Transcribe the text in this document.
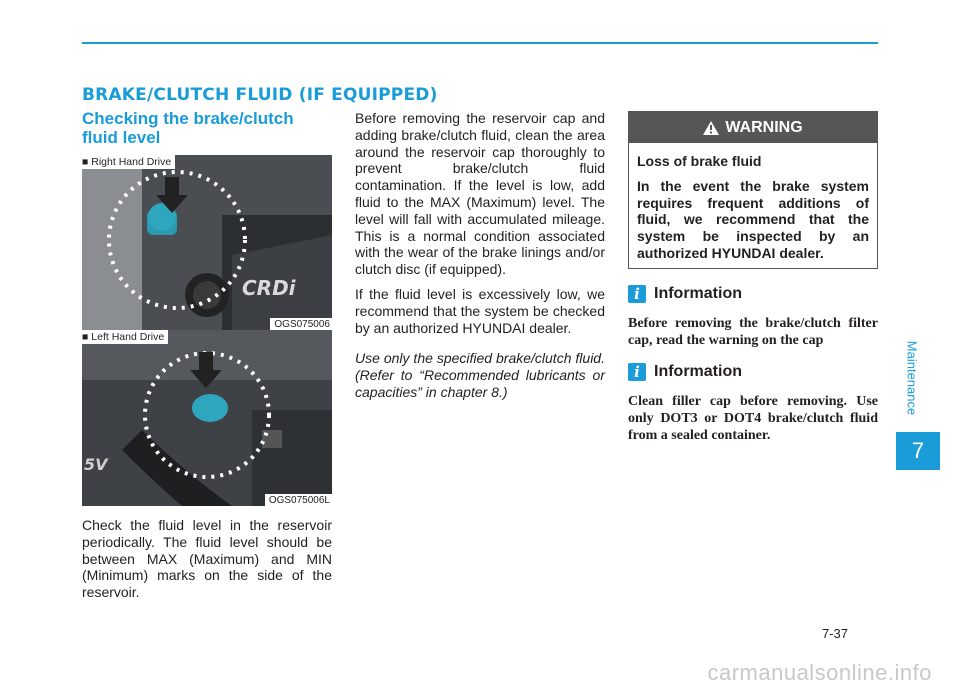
BRAKE/CLUTCH FLUID (IF EQUIPPED)
Checking the brake/clutch fluid level
CRDi
■ Right Hand Drive
OGS075006
5V
■ Left Hand Drive
OGS075006L
Check the fluid level in the reservoir periodically. The fluid level should be between MAX (Maximum) and MIN (Minimum) marks on the side of the reservoir.

Before removing the reservoir cap and adding brake/clutch fluid, clean the area around the reservoir cap thoroughly to prevent brake/clutch fluid contamination. If the level is low, add fluid to the MAX (Maximum) level. The level will fall with accumulated mileage. This is a normal condition associated with the wear of the brake linings and/or clutch disc (if equipped).

If the fluid level is excessively low, we recommend that the system be checked by an authorized HYUNDAI dealer.

Use only the specified brake/clutch fluid. (Refer to “Recommended lubricants or capacities” in chapter 8.)

WARNING

Loss of brake fluid

In the event the brake system requires frequent additions of fluid, we recommend that the system be inspected by an authorized HYUNDAI dealer.

i Information
Before removing the brake/clutch filter cap, read the warning on the cap
i Information
Clean filler cap before removing. Use only DOT3 or DOT4 brake/clutch fluid from a sealed container.
Maintenance
7
7-37
carmanualsonline.info
